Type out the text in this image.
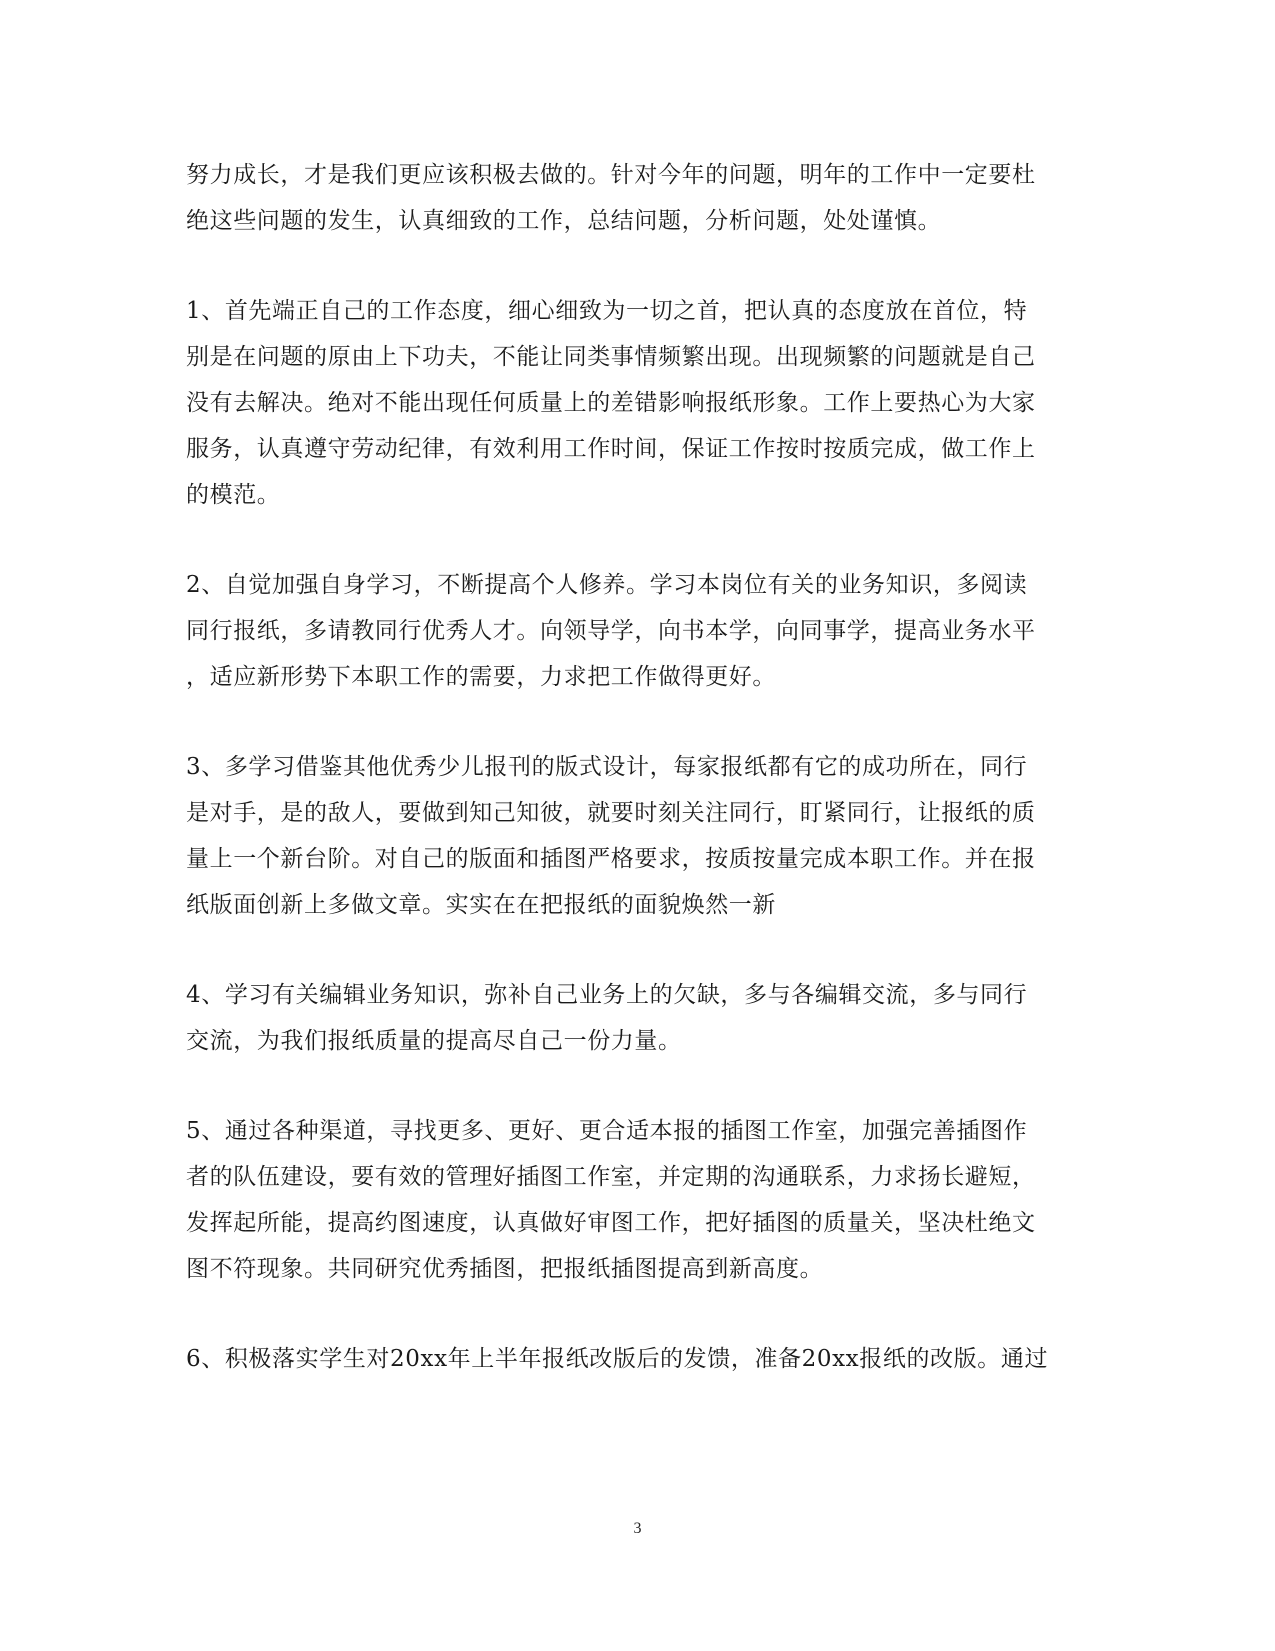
努力成长，才是我们更应该积极去做的。针对今年的问题，明年的工作中一定要杜
绝这些问题的发生，认真细致的工作，总结问题，分析问题，处处谨慎。
1、首先端正自己的工作态度，细心细致为一切之首，把认真的态度放在首位，特
别是在问题的原由上下功夫，不能让同类事情频繁出现。出现频繁的问题就是自己
没有去解决。绝对不能出现任何质量上的差错影响报纸形象。工作上要热心为大家
服务，认真遵守劳动纪律，有效利用工作时间，保证工作按时按质完成，做工作上
的模范。
2、自觉加强自身学习，不断提高个人修养。学习本岗位有关的业务知识，多阅读
同行报纸，多请教同行优秀人才。向领导学，向书本学，向同事学，提高业务水平
，适应新形势下本职工作的需要，力求把工作做得更好。
3、多学习借鉴其他优秀少儿报刊的版式设计，每家报纸都有它的成功所在，同行
是对手，是的敌人，要做到知己知彼，就要时刻关注同行，盯紧同行，让报纸的质
量上一个新台阶。对自己的版面和插图严格要求，按质按量完成本职工作。并在报
纸版面创新上多做文章。实实在在把报纸的面貌焕然一新
4、学习有关编辑业务知识，弥补自己业务上的欠缺，多与各编辑交流，多与同行
交流，为我们报纸质量的提高尽自己一份力量。
5、通过各种渠道，寻找更多、更好、更合适本报的插图工作室，加强完善插图作
者的队伍建设，要有效的管理好插图工作室，并定期的沟通联系，力求扬长避短，
发挥起所能，提高约图速度，认真做好审图工作，把好插图的质量关，坚决杜绝文
图不符现象。共同研究优秀插图，把报纸插图提高到新高度。
6、积极落实学生对20xx年上半年报纸改版后的发馈，准备20xx报纸的改版。通过
3
